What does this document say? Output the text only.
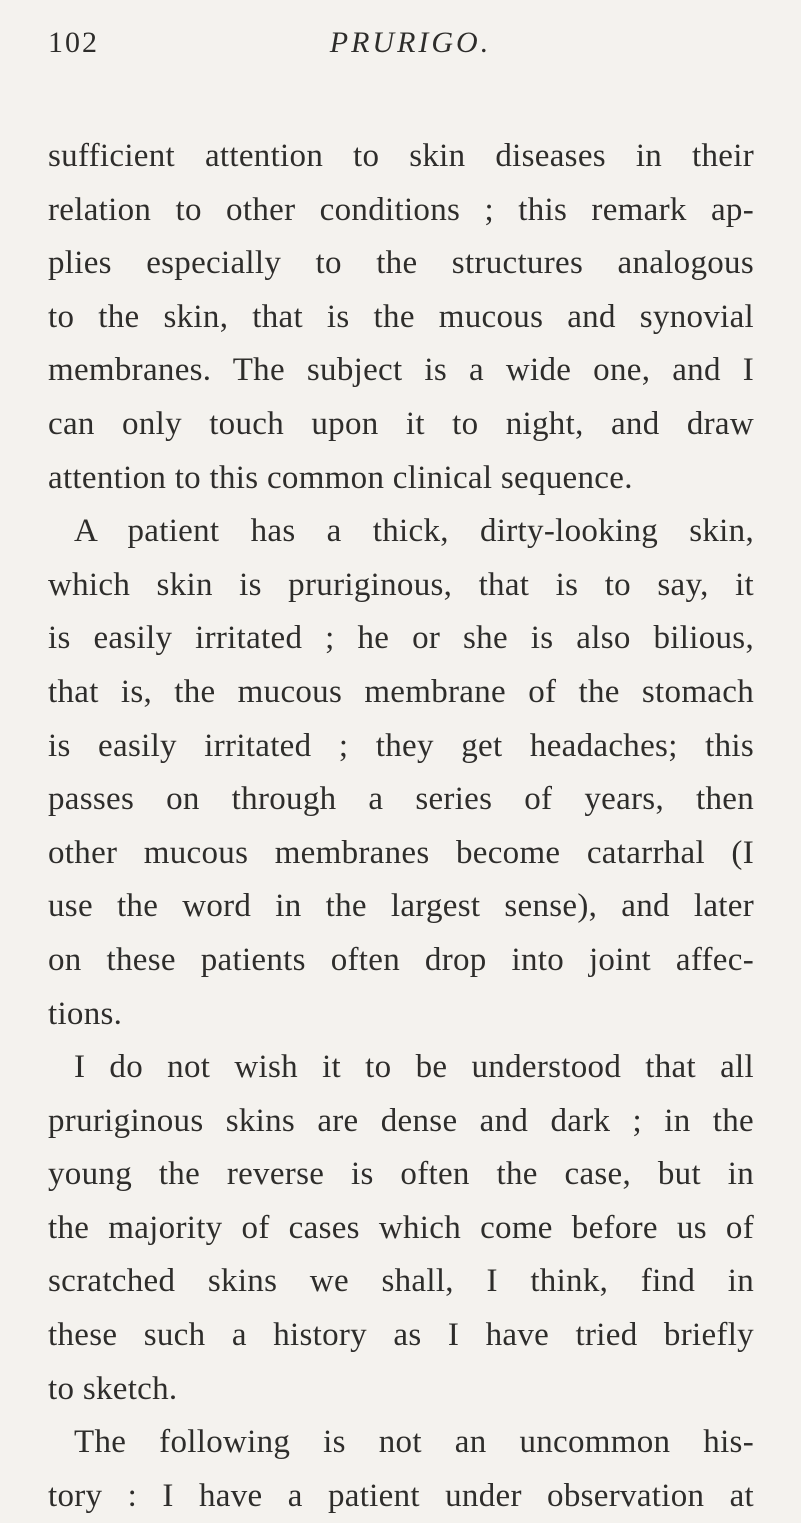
102	PRURIGO.
sufficient attention to skin diseases in their
relation to other conditions ; this remark ap-
plies especially to the structures analogous
to the skin, that is the mucous and synovial
membranes. The subject is a wide one, and I
can only touch upon it to night, and draw
attention to this common clinical sequence.
A patient has a thick, dirty-looking skin,
which skin is pruriginous, that is to say, it
is easily irritated ; he or she is also bilious,
that is, the mucous membrane of the stomach
is easily irritated ; they get headaches; this
passes on through a series of years, then
other mucous membranes become catarrhal (I
use the word in the largest sense), and later
on these patients often drop into joint affec-
tions.
I do not wish it to be understood that all
pruriginous skins are dense and dark ; in the
young the reverse is often the case, but in
the majority of cases which come before us of
scratched skins we shall, I think, find in
these such a history as I have tried briefly
to sketch.
The following is not an uncommon his-
tory : I have a patient under observation at
